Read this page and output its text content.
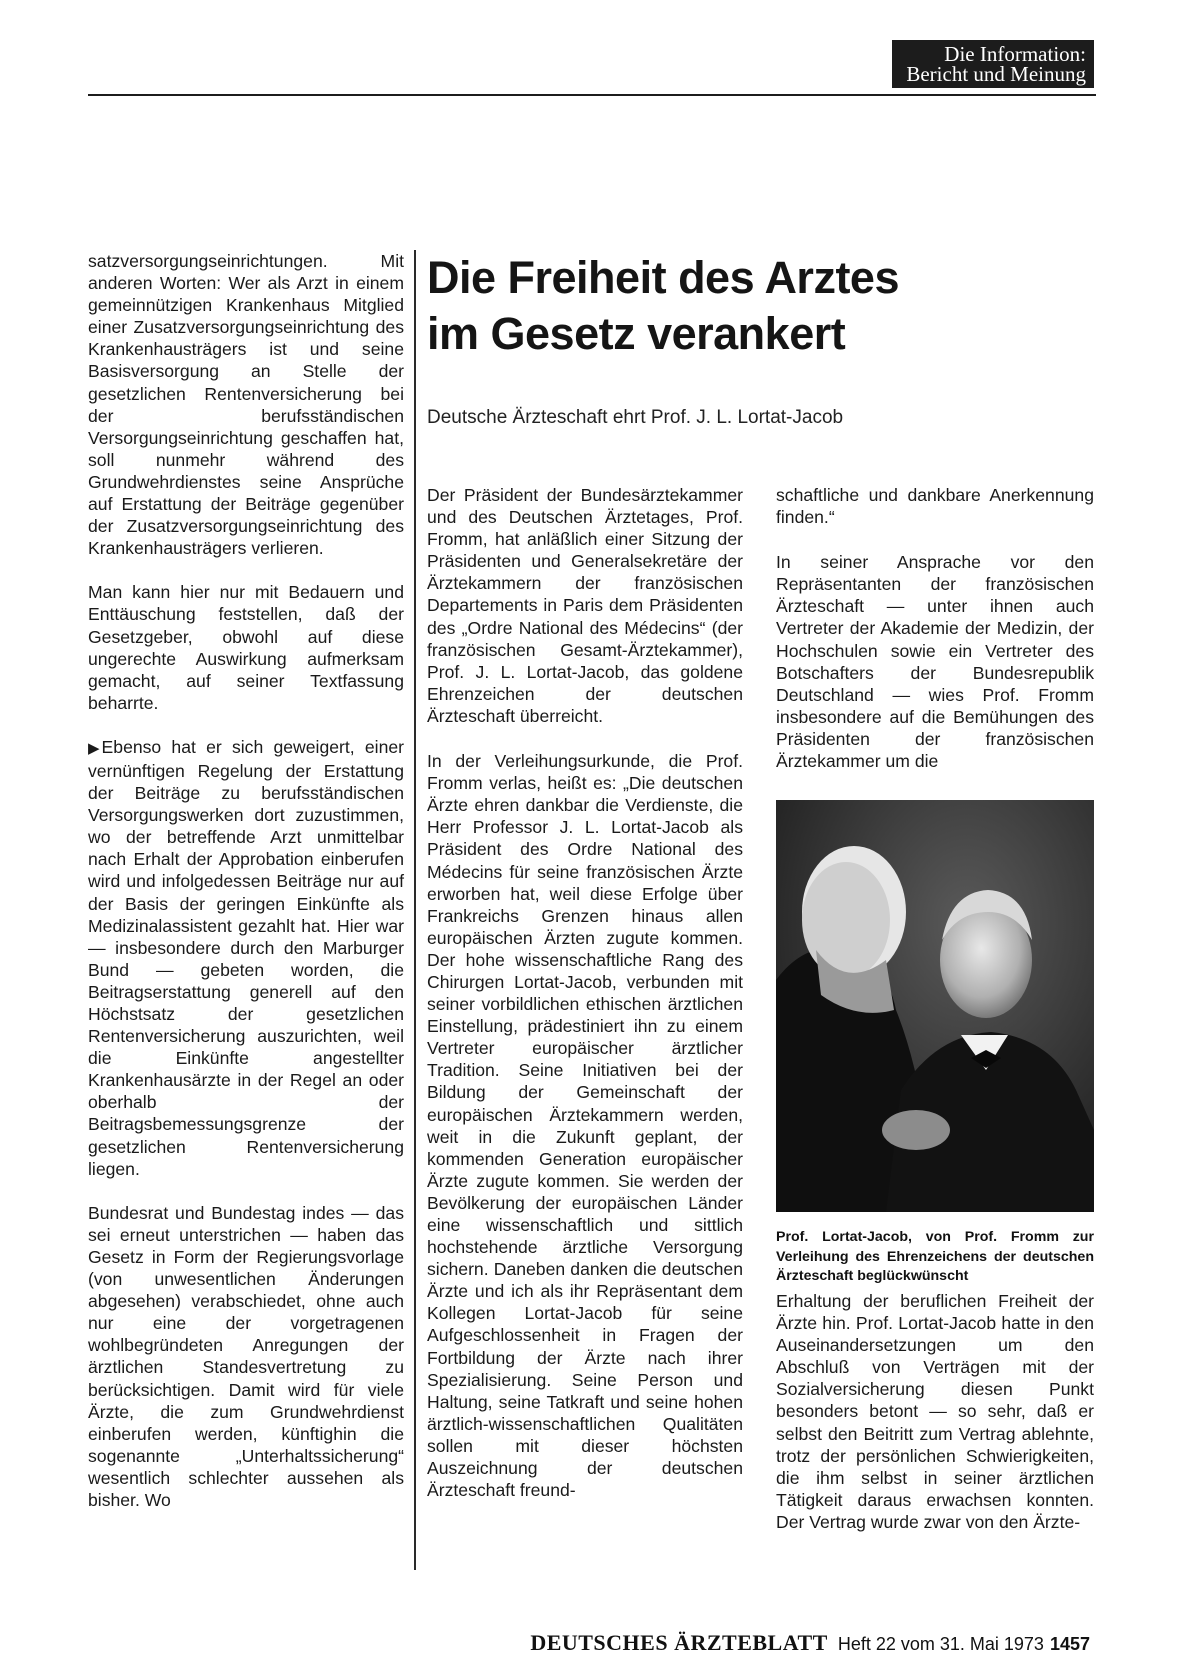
Die Information:
Bericht und Meinung

satzversorgungseinrichtungen. Mit anderen Worten: Wer als Arzt in einem gemeinnützigen Krankenhaus Mitglied einer Zusatzversorgungseinrichtung des Krankenhausträgers ist und seine Basisversorgung an Stelle der gesetzlichen Rentenversicherung bei der berufsständischen Versorgungseinrichtung geschaffen hat, soll nunmehr während des Grundwehrdienstes seine Ansprüche auf Erstattung der Beiträge gegenüber der Zusatzversorgungseinrichtung des Krankenhausträgers verlieren.

Man kann hier nur mit Bedauern und Enttäuschung feststellen, daß der Gesetzgeber, obwohl auf diese ungerechte Auswirkung aufmerksam gemacht, auf seiner Textfassung beharrte.

▶ Ebenso hat er sich geweigert, einer vernünftigen Regelung der Erstattung der Beiträge zu berufsständischen Versorgungswerken dort zuzustimmen, wo der betreffende Arzt unmittelbar nach Erhalt der Approbation einberufen wird und infolgedessen Beiträge nur auf der Basis der geringen Einkünfte als Medizinalassistent gezahlt hat. Hier war — insbesondere durch den Marburger Bund — gebeten worden, die Beitragserstattung generell auf den Höchstsatz der gesetzlichen Rentenversicherung auszurichten, weil die Einkünfte angestellter Krankenhausärzte in der Regel an oder oberhalb der Beitragsbemessungsgrenze der gesetzlichen Rentenversicherung liegen.

Bundesrat und Bundestag indes — das sei erneut unterstrichen — haben das Gesetz in Form der Regierungsvorlage (von unwesentlichen Änderungen abgesehen) verabschiedet, ohne auch nur eine der vorgetragenen wohlbegründeten Anregungen der ärztlichen Standesvertretung zu berücksichtigen. Damit wird für viele Ärzte, die zum Grundwehrdienst einberufen werden, künftighin die sogenannte „Unterhaltssicherung“ wesentlich schlechter aussehen als bisher. Wo

Die Freiheit des Arztes
im Gesetz verankert
Deutsche Ärzteschaft ehrt Prof. J. L. Lortat-Jacob

Der Präsident der Bundesärztekammer und des Deutschen Ärztetages, Prof. Fromm, hat anläßlich einer Sitzung der Präsidenten und Generalsekretäre der Ärztekammern der französischen Departements in Paris dem Präsidenten des „Ordre National des Médecins“ (der französischen Gesamt-Ärztekammer), Prof. J. L. Lortat-Jacob, das goldene Ehrenzeichen der deutschen Ärzteschaft überreicht.

In der Verleihungsurkunde, die Prof. Fromm verlas, heißt es: „Die deutschen Ärzte ehren dankbar die Verdienste, die Herr Professor J. L. Lortat-Jacob als Präsident des Ordre National des Médecins für seine französischen Ärzte erworben hat, weil diese Erfolge über Frankreichs Grenzen hinaus allen europäischen Ärzten zugute kommen. Der hohe wissenschaftliche Rang des Chirurgen Lortat-Jacob, verbunden mit seiner vorbildlichen ethischen ärztlichen Einstellung, prädestiniert ihn zu einem Vertreter europäischer ärztlicher Tradition. Seine Initiativen bei der Bildung der Gemeinschaft der europäischen Ärztekammern werden, weit in die Zukunft geplant, der kommenden Generation europäischer Ärzte zugute kommen. Sie werden der Bevölkerung der europäischen Länder eine wissenschaftlich und sittlich hochstehende ärztliche Versorgung sichern. Daneben danken die deutschen Ärzte und ich als ihr Repräsentant dem Kollegen Lortat-Jacob für seine Aufgeschlossenheit in Fragen der Fortbildung der Ärzte nach ihrer Spezialisierung. Seine Person und Haltung, seine Tatkraft und seine hohen ärztlich-wissenschaftlichen Qualitäten sollen mit dieser höchsten Auszeichnung der deutschen Ärzteschaft freund-

schaftliche und dankbare Anerkennung finden.“

In seiner Ansprache vor den Repräsentanten der französischen Ärzteschaft — unter ihnen auch Vertreter der Akademie der Medizin, der Hochschulen sowie ein Vertreter des Botschafters der Bundesrepublik Deutschland — wies Prof. Fromm insbesondere auf die Bemühungen des Präsidenten der französischen Ärztekammer um die

Prof. Lortat-Jacob, von Prof. Fromm zur Verleihung des Ehrenzeichens der deutschen Ärzteschaft beglückwünscht

Erhaltung der beruflichen Freiheit der Ärzte hin. Prof. Lortat-Jacob hatte in den Auseinandersetzungen um den Abschluß von Verträgen mit der Sozialversicherung diesen Punkt besonders betont — so sehr, daß er selbst den Beitritt zum Vertrag ablehnte, trotz der persönlichen Schwierigkeiten, die ihm selbst in seiner ärztlichen Tätigkeit daraus erwachsen konnten. Der Vertrag wurde zwar von den Ärzte-

DEUTSCHES ÄRZTEBLATT Heft 22 vom 31. Mai 1973 1457
